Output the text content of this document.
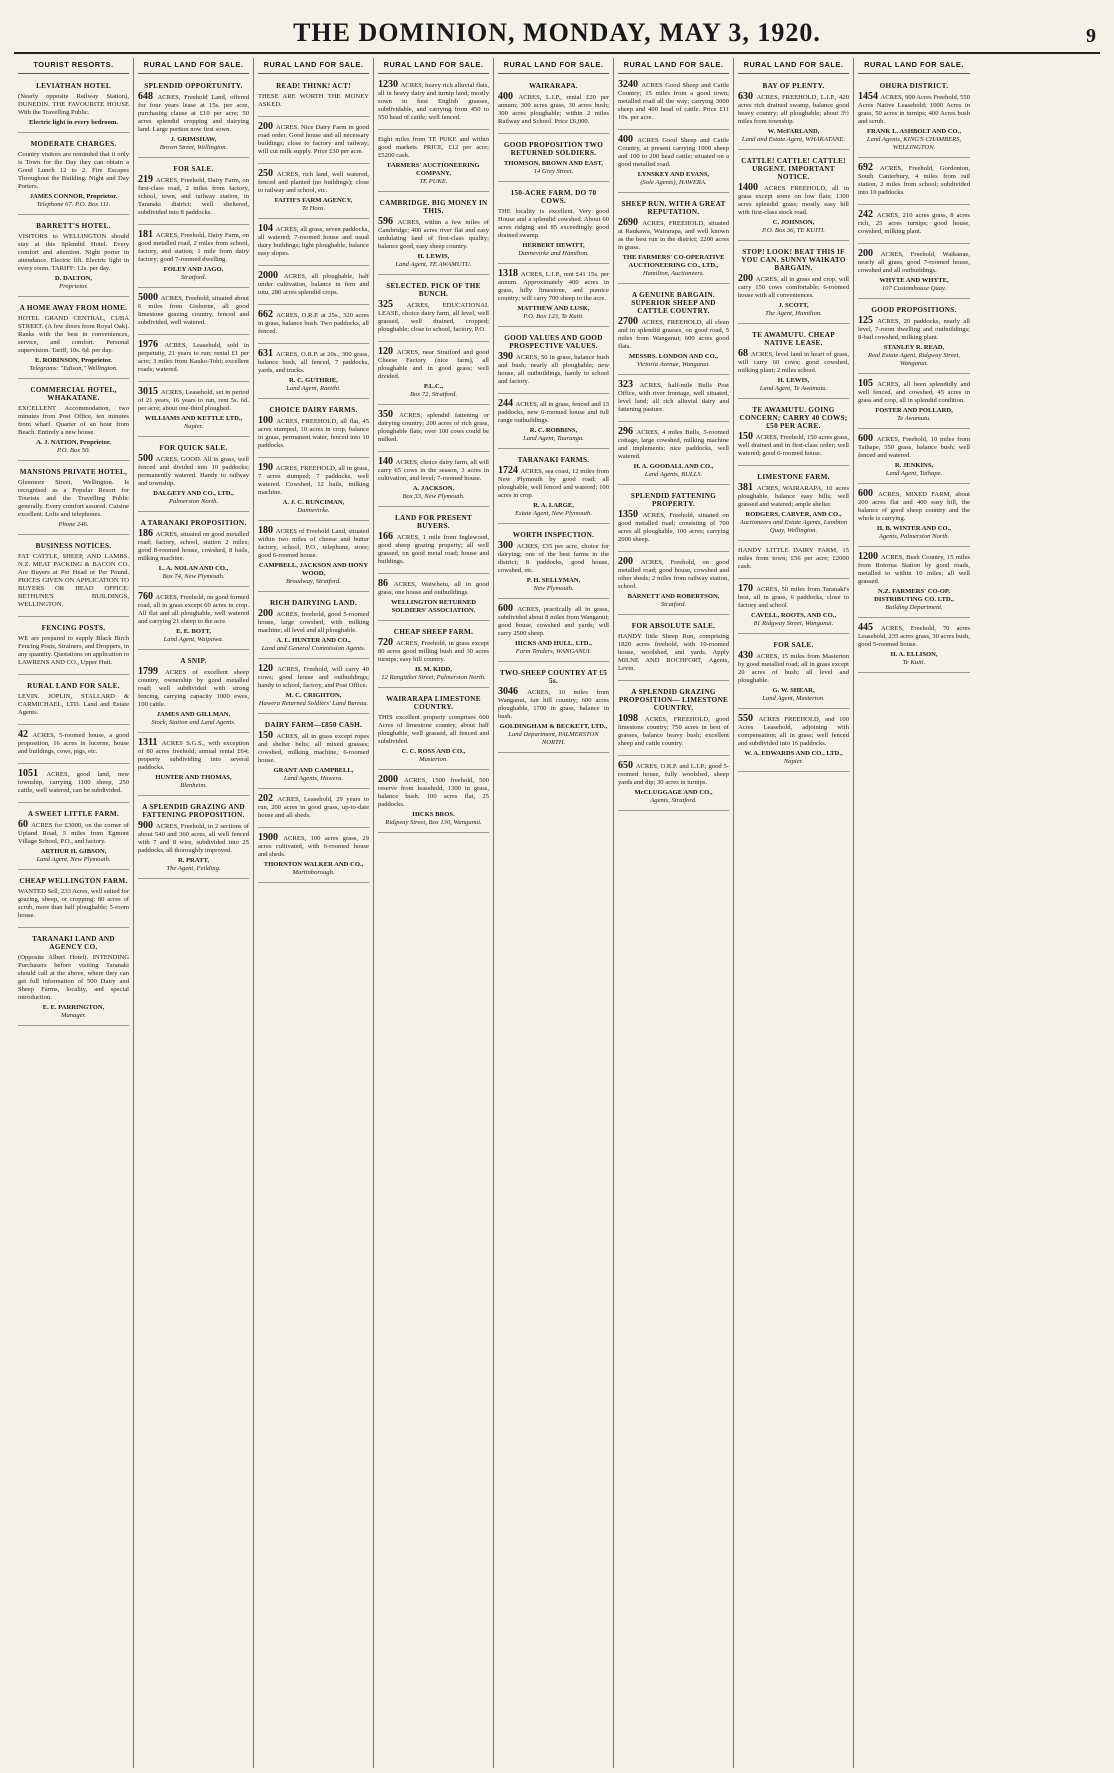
THE DOMINION, MONDAY, MAY 3, 1920.	9
TOURIST RESORTS.
LEVIATHAN HOTEL

(Nearly opposite Railway Station), DUNEDIN. THE FAVOURITE HOUSE With the Travelling Public.

Electric light in every bedroom.
MODERATE CHARGES.

Country visitors are reminded that it only is Town for the Day they can obtain a Good Lunch 12 to 2. Fire Escapes Throughout the Building. Night and Day Porters.

JAMES CONNOR, Proprietor.
Telephone 67. P.O. Box 111.
BARRETT'S HOTEL.

VISITORS to WELLINGTON should stay at this Splendid Hotel. Every comfort and attention. Night porter in attendance. Electric lift. Electric light in every room. TARIFF: 12s. per day.

D. DALTON,
Proprietor.
A HOME AWAY FROM HOME.

HOTEL GRAND CENTRAL, CUBA STREET. (A few doors from Royal Oak). Ranks with the best in conveniences, service, and comfort. Personal supervision. Tariff, 10s. 6d. per day.

E. ROBINSON, Proprietor.
Telegrams: "Edison," Wellington.
COMMERCIAL HOTEL, WHAKATANE.

EXCELLENT Accommodation, two minutes from Post Office, ten minutes from wharf. Quarter of an hour from Beach. Entirely a new house.

A. J. NATION, Proprietor.
P.O. Box 50.
MANSIONS PRIVATE HOTEL,

Glenmore Street, Wellington. Is recognised as a Popular Resort for Tourists and the Travelling Public generally. Every comfort assured. Cuisine excellent. Lofts and telephones.

Phone 246.
BUSINESS NOTICES.

FAT CATTLE, SHEEP, AND LAMBS. N.Z. MEAT PACKING & BACON CO. Are Buyers at Per Head or Per Pound. PRICES GIVEN ON APPLICATION TO BUYERS OR HEAD OFFICE: BETHUNE'S BUILDINGS, WELLINGTON.

FENCING POSTS.

WE are prepared to supply Black Birch Fencing Posts, Strainers, and Droppers, in any quantity. Quotations on application to LAWRENS AND CO., Upper Hutt.

RURAL LAND FOR SALE.

LEVIN. JOPLIN, STALLARD & CARMICHAEL, LTD. Land and Estate Agents.

42 ACRES, 5-roomed house, a good proposition, 16 acres in lucerne, house and buildings, cows, pigs, etc.

1051 ACRES, good land, new township, carrying 1100 sheep, 250 cattle, well watered, can be subdivided.

A SWEET LITTLE FARM.

60 ACRES for £3000, on the corner of Upland Road, 5 miles from Egmont Village School, P.O., and factory.

ARTHUR H. GIBSON,
Land Agent, New Plymouth.
CHEAP WELLINGTON FARM.

WANTED Sell, 233 Acres, well suited for grazing, sheep, or cropping; 80 acres of scrub, more than half ploughable; 5-room house.

TARANAKI LAND AND AGENCY CO.

(Opposite Albert Hotel). INTENDING Purchasers before visiting Taranaki should call at the above, where they can get full information of 500 Dairy and Sheep Farms, locality, and special introduction.

E. E. PARRINGTON,
Manager.
RURAL LAND FOR SALE.
SPLENDID OPPORTUNITY.

648 ACRES, Freehold Land, offered for four years lease at 15s. per acre, purchasing clause at £10 per acre; 50 acres splendid cropping and dairying land. Large portion now first sown.

J. GRIMSHAW,
Brown Street, Wellington.
FOR SALE.

219 ACRES, Freehold, Dairy Farm, on first-class road, 2 miles from factory, school, town, and railway station, in Taranaki district; well sheltered, subdivided into 8 paddocks.

181 ACRES, Freehold, Dairy Farm, on good metalled road, 2 miles from school, factory, and station; 1 mile from dairy factory; good 7-roomed dwelling.

FOLEY AND JAGO,
Stratford.

5000 ACRES, Freehold, situated about 6 miles from Gisborne, all good limestone grazing country, fenced and subdivided, well watered.

1976 ACRES, Leasehold, sold in perpetuity, 21 years to run; rental £1 per acre; 3 miles from Kauko-Tohi; excellent roads; watered.

3015 ACRES, Leasehold, set in period of 21 years, 16 years to run, rent 5s. 6d. per acre; about one-third ploughed.

WILLIAMS AND KETTLE LTD.,
Napier.
FOR QUICK SALE.

500 ACRES, GOOD. All in grass, well fenced and divided into 10 paddocks; permanently watered. Handy to railway and township.

DALGETY AND CO., LTD.,
Palmerston North.
A TARANAKI PROPOSITION.

186 ACRES, situated on good metalled road; factory, school, station 2 miles; good 8-roomed house, cowshed, 8 bails, milking machine.

L. A. NOLAN AND CO.,
Box 74, New Plymouth.

760 ACRES, Freehold, on good formed road, all in grass except 60 acres in crop. All flat and all ploughable, well watered and carrying 21 sheep to the acre.

E. E. BOTT,
Land Agent, Waipawa.
A SNIP.

1799 ACRES of excellent sheep country, ownership by good metalled road; well subdivided with strong fencing, carrying capacity 1000 ewes, 100 cattle.

JAMES AND GILLMAN,
Stock, Station and Land Agents.

1311 ACRES S.G.S., with exception of 80 acres freehold; annual rental £64; property subdividing into several paddocks.

HUNTER AND THOMAS,
Blenheim.
A SPLENDID GRAZING AND FATTENING PROPOSITION.

900 ACRES, Freehold, in 2 sections of about 540 and 360 acres, all well fenced with 7 and 8 wire, subdivided into 25 paddocks, all thoroughly improved.

R. PRATT,
The Agent, Feilding.
RURAL LAND FOR SALE.
READ! THINK! ACT!

THESE ARE WORTH THE MONEY ASKED.

200 ACRES. Nice Dairy Farm in good road order. Good house and all necessary buildings; close to factory and railway; will cut milk supply. Price £30 per acre.

250 ACRES, rich land, well watered, fenced and planted (no buildings); close to railway and school, etc.

FAITH'S FARM AGENCY,
Te Horo.

104 ACRES, all grass, seven paddocks, all watered; 7-roomed house and usual dairy buildings; light ploughable, balance easy slopes.

2000 ACRES, all ploughable, half under cultivation, balance in fern and tutu, 280 acres splendid crops.

662 ACRES, O.R.P. at 25s., 320 acres in grass, balance bush. Two paddocks, all fenced.

631 ACRES, O.R.P. at 20s., 300 grass, balance bush, all fenced, 7 paddocks, yards, and trucks.

R. C. GUTHRIE,
Land Agent, Raetihi.
CHOICE DAIRY FARMS.

100 ACRES, FREEHOLD, all flat, 45 acres stumped, 10 acres in crop, balance in grass, permanent water, fenced into 10 paddocks.

190 ACRES, FREEHOLD, all in grass, 7 acres stumped; 7 paddocks, well watered. Cowshed, 12 bails, milking machine.

A. J. C. RUNCIMAN,
Dannevirke.

180 ACRES of Freehold Land, situated within two miles of cheese and butter factory, school, P.O., telephone, store; good 6-roomed house.

CAMPBELL, JACKSON AND HONY WOOD,
Broadway, Stratford.
RICH DAIRYING LAND.

200 ACRES, freehold, good 5-roomed house, large cowshed, with milking machine; all level and all ploughable.

A. L. HUNTER AND CO.,
Land and General Commission Agents.

120 ACRES, Freehold, will carry 40 cows; good house and outbuildings; handy to school, factory, and Post Office.

M. C. CRIGHTON,
Hawera Returned Soldiers' Land Bureau.
DAIRY FARM—£850 CASH.

150 ACRES, all in grass except ropes and shelter belts; all mixed grasses; cowshed, milking machine, 6-roomed house.

GRANT AND CAMPBELL,
Land Agents, Hawera.

202 ACRES, Leasehold, 29 years to run, 200 acres in good grass, up-to-date house and all sheds.

1900 ACRES, 100 acres grass, 29 acres cultivated, with 6-roomed house and sheds.

THORNTON WALKER AND CO.,
Martinborough.
RURAL LAND FOR SALE.

1230 ACRES, heavy rich alluvial flats, all in heavy dairy and turnip land; mostly sown in best English grasses, subdividable, and carrying from 450 to 550 head of cattle; well fenced.

Eight miles from TE PUKE and within good markets. PRICE, £12 per acre; £5200 cash.

FARMERS' AUCTIONEERING COMPANY,
TE PUKE.
CAMBRIDGE. BIG MONEY IN THIS.

596 ACRES, within a few miles of Cambridge; 400 acres river flat and easy undulating land of first-class quality; balance good, easy sheep country.

H. LEWIS,
Land Agent, TE AWAMUTU.
SELECTED. PICK OF THE BUNCH.

325 ACRES, EDUCATIONAL LEASE, choice dairy farm, all level, well grassed, well drained, cropped; ploughable; close to school, factory, P.O.

120 ACRES, near Stratford and good Cheese Factory (nice farm), all ploughable and in good grass; well divided.

P.L.C.,
Box 72, Stratford.

350 ACRES, splendid fattening or dairying country; 200 acres of rich grass, ploughable flats; over 100 cows could be milked.

140 ACRES, choice dairy farm, all will carry 65 cows in the season, 3 acres in cultivation, and level; 7-roomed house.

A. JACKSON,
Box 33, New Plymouth.
LAND FOR PRESENT BUYERS.

166 ACRES, 1 mile from Inglewood, good sheep grazing property; all well grassed, on good metal road; house and buildings.

86 ACRES, Waiwhetu, all in good grass, one house and outbuildings.

WELLINGTON RETURNED SOLDIERS' ASSOCIATION.
CHEAP SHEEP FARM.

720 ACRES, Freehold, in grass except 80 acres good milling bush and 30 acres turnips; easy hill country.

H. M. KIDD,
12 Rangitikei Street, Palmerston North.
WAIRARAPA LIMESTONE COUNTRY.

THIS excellent property comprises 600 Acres of limestone country, about half ploughable, well grassed, all fenced and subdivided.

C. C. ROSS AND CO.,
Masterton.

2000 ACRES, 1500 freehold, 500 reserve from leasehold, 1300 in grass, balance bush. 100 acres flat, 25 paddocks.

HICKS BROS.
Ridgway Street, Box 130, Wanganui.
RURAL LAND FOR SALE.
WAIRARAPA.

400 ACRES, L.I.P., rental £20 per annum; 300 acres grass, 30 acres bush; 300 acres ploughable; within 2 miles Railway and School. Price £6,000.

GOOD PROPOSITION TWO RETURNED SOLDIERS.

THOMSON, BROWN AND EAST,
14 Grey Street.
150-ACRE FARM. DO 70 COWS.

THE locality is excellent. Very good House and a splendid cowshed. About 60 acres ridging and 85 exceedingly good drained swamp.

HERBERT HEWITT,
Dannevirke and Hamilton.

1318 ACRES, L.I.P., rent £41 15s. per annum. Approximately 400 acres in grass, hilly limestone, and pumice country; will carry 700 sheep to the acre.

MATTHEW AND LUSK,
P.O. Box 123, Te Kuiti.
GOOD VALUES AND GOOD PROSPECTIVE VALUES.

390 ACRES, 50 in grass, balance bush and bush; nearly all ploughable; new house, all outbuildings, handy to school and factory.

244 ACRES, all in grass, fenced and 13 paddocks, new 6-roomed house and full range outbuildings.

R. C. ROBBINS,
Land Agent, Tauranga.
TARANAKI FARMS.

1724 ACRES, sea coast, 12 miles from New Plymouth by good road; all ploughable, well fenced and watered; 100 acres in crop.

R. A. LARGE,
Estate Agent, New Plymouth.
WORTH INSPECTION.

300 ACRES, £35 per acre, choice for dairying; one of the best farms in the district; 8 paddocks, good house, cowshed, etc.

P. H. SELLYMAN,
New Plymouth.

600 ACRES, practically all in grass, subdivided about 8 miles from Wanganui; good house, cowshed and yards; will carry 2500 sheep.

HICKS AND HULL, LTD.,
Farm Tenders, WANGANUI.
TWO-SHEEP COUNTRY AT £5 5s.

3046 ACRES, 10 miles from Wanganui, fair hill country; 600 acres ploughable, 1700 in grass, balance in bush.

GOLDINGHAM & BECKETT, LTD.,
Land Department, PALMERSTON NORTH.
RURAL LAND FOR SALE.

3240 ACRES Good Sheep and Cattle Country; 15 miles from a good town; metalled road all the way; carrying 3000 sheep and 400 head of cattle. Price £11 10s. per acre.

400 ACRES Good Sheep and Cattle Country, at present carrying 1000 sheep and 100 to 200 head cattle; situated on a good metalled road.

LYNSKEY AND EVANS,
(Sole Agents), HAWERA.
SHEEP RUN. WITH A GREAT REPUTATION.

2690 ACRES, FREEHOLD, situated at Raukawa, Wairarapa, and well known as the best run in the district; 2200 acres in grass.

THE FARMERS' CO-OPERATIVE AUCTIONEERING CO., LTD.,
Hamilton, Auctioneers.
A GENUINE BARGAIN. SUPERIOR SHEEP AND CATTLE COUNTRY.

2700 ACRES, FREEHOLD, all clean and in splendid grasses, on good road, 5 miles from Wanganui; 600 acres good flats.

MESSRS. LONDON AND CO.,
Victoria Avenue, Wanganui.

323 ACRES, half-mile Bulls Post Office, with river frontage, well situated, level land; all rich alluvial dairy and fattening pasture.

296 ACRES, 4 miles Bulls, 5-roomed cottage, large cowshed, milking machine and implements; nice paddocks, well watered.

H. A. GOODALL AND CO.,
Land Agents, BULLS.
SPLENDID FATTENING PROPERTY.

1350 ACRES, Freehold, situated on good metalled road; consisting of 700 acres all ploughable, 100 acres; carrying 2000 sheep.

200 ACRES, Freehold, on good metalled road; good house, cowshed and other sheds; 2 miles from railway station, school.

BARNETT AND ROBERTSON,
Stratford.
FOR ABSOLUTE SALE.

HANDY little Sheep Run, comprising 1820 acres freehold, with 10-roomed house, woolshed, and yards. Apply MILNE AND ROCHFORT, Agents, Levin.

A SPLENDID GRAZING PROPOSITION— LIMESTONE COUNTRY.

1098 ACRES, FREEHOLD, good limestone country; 750 acres in best of grasses, balance heavy bush; excellent sheep and cattle country.

650 ACRES, O.R.P. and L.I.P.; good 5-roomed house, fully woolshed, sheep yards and dip; 30 acres in turnips.

McCLUGGAGE AND CO.,
Agents, Stratford.
RURAL LAND FOR SALE.
BAY OF PLENTY.

630 ACRES, FREEHOLD, L.I.P., 420 acres rich drained swamp, balance good heavy country; all ploughable; about 3½ miles from township.

W. McFARLAND,
Land and Estate Agent, WHAKATANE.
CATTLE! CATTLE! CATTLE! URGENT. IMPORTANT NOTICE.

1400 ACRES FREEHOLD, all in grass except some on low flats; 1300 acres splendid grass; mostly easy hill with first-class stock road.

C. JOHNSON,
P.O. Box 36, TE KUITI.
STOP! LOOK! BEAT THIS IF YOU CAN. SUNNY WAIKATO BARGAIN.

200 ACRES, all in grass and crop, will carry 150 cows comfortable; 6-roomed house with all conveniences.

J. SCOTT,
The Agent, Hamilton.
TE AWAMUTU. CHEAP NATIVE LEASE.

68 ACRES, level land in heart of grass, will carry 60 cows; good cowshed, milking plant; 2 miles school.

H. LEWIS,
Land Agent, Te Awamutu.
TE AWAMUTU. GOING CONCERN; CARRY 40 COWS; £50 PER ACRE.

150 ACRES, Freehold, 150 acres grass, well drained and in first-class order; well watered; good 6-roomed house.

LIMESTONE FARM.

381 ACRES, WAIRARAPA, 10 acres ploughable, balance easy hills; well grassed and watered; ample shelter.

RODGERS, CARVER, AND CO.,
Auctioneers and Estate Agents, Lambton Quay, Wellington.

HANDY LITTLE DAIRY FARM, 15 miles from town; £56 per acre; £2000 cash.

170 ACRES, 50 miles from Taranaki's best, all in grass, 6 paddocks, close to factory and school.

CAVELL, ROOTS, AND CO.,
81 Ridgway Street, Wanganui.
FOR SALE.

430 ACRES, 15 miles from Masterton by good metalled road; all in grass except 20 acres of bush; all level and ploughable.

G. W. SHEAR,
Land Agent, Masterton.

550 ACRES FREEHOLD, and 100 Acres Leasehold, adjoining with compensation; all in grass; well fenced and subdivided into 16 paddocks.

W. A. EDWARDS AND CO., LTD.,
Napier.
RURAL LAND FOR SALE.
OHURA DISTRICT.

1454 ACRES, 900 Acres Freehold, 550 Acres Native Leasehold; 1000 Acres in grass, 50 acres in turnips; 400 Acres bush and scrub.

FRANK L. ASHBOLT AND CO.,
Land Agents, KING'S CHAMBERS, WELLINGTON.

692 ACRES, Freehold, Gordonton, South Canterbury, 4 miles from rail station, 2 miles from school; subdivided into 10 paddocks.

242 ACRES, 210 acres grass, 8 acres rich, 25 acres turnips; good house, cowshed, milking plant.

200 ACRES, Freehold, Waikanae, nearly all grass, good 7-roomed house, cowshed and all outbuildings.

WHYTE AND WHYTE,
107 Customhouse Quay.
GOOD PROPOSITIONS.

125 ACRES, 20 paddocks, nearly all level, 7-room dwelling and outbuildings; 8-bail cowshed, milking plant.

STANLEY R. READ,
Real Estate Agent, Ridgway Street, Wanganui.

105 ACRES, all been splendidly and well fenced, and cowshed, 45 acres in grass and crop, all in splendid condition.

FOSTER AND POLLARD,
Te Awamutu.

600 ACRES, Freehold, 10 miles from Taihape, 350 grass, balance bush; well fenced and watered.

R. JENKINS,
Land Agent, Taihape.

600 ACRES, MIXED FARM, about 200 acres flat and 400 easy hill, the balance of good sheep country and the whole is carrying.

H. B. WINTER AND CO.,
Agents, Palmerston North.

1200 ACRES, Bush Country, 15 miles from Rotorua Station by good roads, metalled to within 10 miles; all well grassed.

N.Z. FARMERS' CO-OP. DISTRIBUTING CO. LTD.,
Building Department.

445 ACRES, Freehold, 70 acres Leasehold, 235 acres grass, 30 acres bush, good 5-roomed house.

H. A. ELLISON,
Te Kuiti.
